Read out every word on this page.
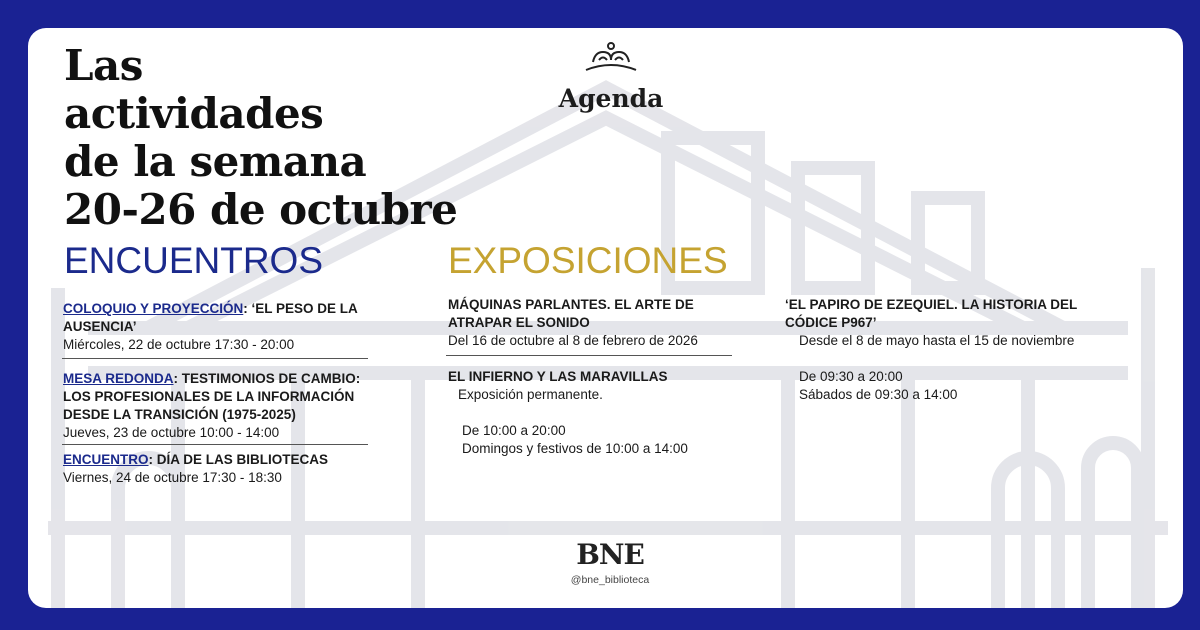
Las
actividades
de la semana
20-26 de octubre
Agenda
ENCUENTROS
COLOQUIO Y PROYECCIÓN: ‘EL PESO DE LA
AUSENCIA’
Miércoles, 22 de octubre 17:30 - 20:00
MESA REDONDA: TESTIMONIOS DE CAMBIO:
LOS PROFESIONALES DE LA INFORMACIÓN
DESDE LA TRANSICIÓN (1975-2025)
Jueves, 23 de octubre 10:00 - 14:00
ENCUENTRO: DÍA DE LAS BIBLIOTECAS
Viernes, 24 de octubre 17:30 - 18:30
EXPOSICIONES
MÁQUINAS PARLANTES. EL ARTE DE
ATRAPAR EL SONIDO
Del 16 de octubre al 8 de febrero de 2026
EL INFIERNO Y LAS MARAVILLAS
Exposición permanente.
De 10:00 a 20:00
Domingos y festivos de 10:00 a 14:00
‘EL PAPIRO DE EZEQUIEL. LA HISTORIA DEL
CÓDICE P967’
Desde el 8 de mayo hasta el 15 de noviembre
De 09:30 a 20:00
Sábados de 09:30 a 14:00
BNE
@bne_biblioteca
